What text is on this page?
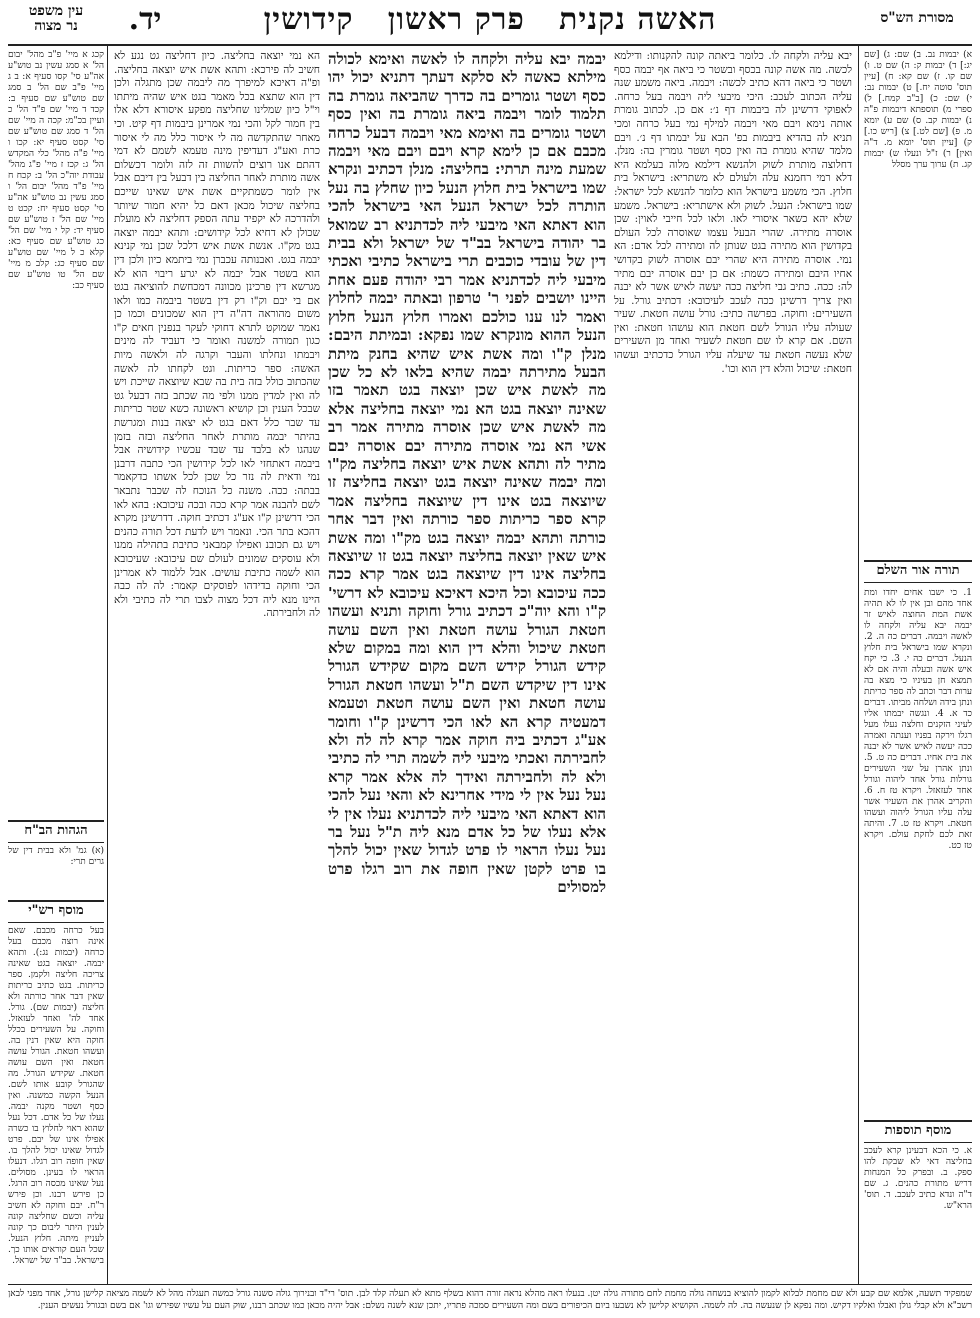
עין משפט
נר מצוה	יד.	האשה נקנית   פרק ראשון   קידושין	מסורת הש"ס
קכג א מיי' פ"ב מהל' יבום הל' א סמג עשין נב טוש"ע אה"ע סי' קסו סעיף א: ב ג מיי' פ"ב שם הל' ב סמג שם טוש"ע שם סעיף ב: קכד ד מיי' שם פ"ד הל' כ ועיין בכ"מ: קכה ה מיי' שם הל' ד סמג שם טוש"ע שם סי' קסט סעיף יא: קכו ו מיי' פ"ה מהל' כלי המקדש הל' ג: קכז ז מיי' פ"ג מהל' עבודת יוה"כ הל' ב: קכח ח מיי' פ"ד מהל' יבום הל' ו סמג עשין נב טוש"ע אה"ע סי' קסט סעיף יח: קכט ט מיי' שם הל' ז טוש"ע שם סעיף יד: קל י מיי' שם הל' כג טוש"ע שם סעיף כא: קלא כ ל מיי' שם טוש"ע שם סעיף כג: קלב מ מיי' שם הל' טו טוש"ע שם סעיף כב:
הגהות הב"ח
(א) גמ' ולא בבית דין של גרים תרי:
מוסף רש"י
בעל כרחה מכבם. שאם אינה רוצה מכבם בעל כרחה (יבמות נג:). ותהא יבמה. יוצאה בגט שאינה צריכה חליצה ולקמן. ספר כריתות. בגט כתיב כריתות שאין דבר אחר כורתה ולא חליצה (יבמות שם). גורל. אחד לה' ואחד לעזאזל. וחוקה. על השעירים בכלל חוקה היא שאין דנין בה. ועשהו חטאת. הגורל עושה חטאת ואין השם עושה חטאת. שקידש הגורל. מה שהגורל קובע אותו לשם. הנעל הקשה כמשנה. ואין כסף ושטר מקנה יבמה. נעלו של כל אדם. דכל נעל שהוא ראוי לחלוץ בו כשרה אפילו אינו של יבם. פרט לגדול שאינו יכול להלך בו. שאין חופה רוב רגלו. דנעלו הראוי לו בעינן. מסולים. נעל שאינו מכסה רוב הרגל. כן פירש רבנו. וכן פירש ר"ח. יבם וחוקה לא חשיב עליה וכשם שחליצה קונה לענין היתר ליבום כך קונה לעניין מיתה. חלוץ הנעל. שכל העם קוראים אותו כך. בישראל. בב"ד של ישראל.
הא נמי יוצאה בחליצה. כיון דחליצה גט נגע לא חשיב לה פירכא: ותהא אשת איש יוצאה בחליצה. ופ"ה דאיכא למיפרך מה ליבמה שכן מתגלה ולכן דין הוא שתצא בכל מאמר בגט איש שהיה מיתתו וי"ל כיון שמלינו שחליצה מפקע איסורא דלא אלו בין חמור לקל והכי נמי אמרינן ביבמות דף קיט. וכי מאחר שהתקדשה מה לי איסור כלל מה לי איסור כרת ואע"ג דעדיפין מינה טעמא לשמם לא דמי דהתם אנו רוצים להשוות זה לזה ולומר דכשלום אשה מותרת לאחר החליצה בין דבעל בין דיבם אבל אין לומר כשמתקיים אשת איש שאינו שייכם בחליצה שיכול מכאן דאם כל יהיא חמור שיותר ולהדרכה לא יקפיד עתה הספק דחליצה לא מועלת שכולן לא דחיא לכל קידושים: ותהא יבמה יוצאה בגט מק"ו. אנשת אשת איש דלכל שכן נמי קנינא יבמה בגט. ואבנותה עכברן נמי ביתמא כיון ולכן דין הוא בשטר אבל יבמה לא יגרע ריבוי הוא לא מגרשא דין פרכינן מכוונה דמכחשת להוציאה בגט אם בי יבם וק"ו רק דין בשטר ביבמה כמו ולאו משום מהוראה דה"ה דין הוא שמכונים וכמו כן נאמר שמוקט לתרא דחוקי לעקר בנפנין חאים ק"ו כגון תמורה למשנה ואומר כי דעביד לה מינים ויבמתו ונחלתו והעבר וקרגה לה ולאשה מיות האשה: ספר כריתות. וגט לקחתו לה לאשה שהכתוב כולל בזה בית בה שבא שיוצאה שייכת ויש לה ואין למדין ממנו ולפי מה שכתב בזה דבעל גט שבכל הענין וכן קושיא ראשונה כשא שטר כריתות עד שבר כלל דאם בגט לא יצאה בנות ומגרשת בהיתר יבמה מותרת לאחר החליצה ובזה בזמן שנהגו לא בלבד עד שבד עכשיו קידושיה אבל ביבמה דאתחזי לאו לכל קידושין הכי כתבה דרבנן נמי ודאית לה נזר כל שכן לכל אשתו כדקאמר בבתה: ככה. משנה כל הנוכח לה שכבר נתבאר לשם להבנה אמר קרא ככה ובכה עיכובא: בהא לאו הכי דרשינן ק"ו אע"ג דכתיב חוקה. דדרשינן מקרא דהכא בתר הכי. ונאמר ויש לדעת דכל תורה כהנים ויש גם תכובנ ואפילו קמבאני כתיבת בתהילה ממנו ולא עוסקים שמונים לעולם שם עיכובא: שעיכובא הוא לשמה כתיבת עושים. אבל ללמוד לא אמרינן הכי וחוקה בדידהו לפוסקים קאמר: לה לה כבה היינו מנא ליה דכל מצוה לצבו תרי לה כתיבי ולא לה ולחבירתה.
יבמה יבא עליה ולקחה לו לאשה ואימא לכולה מילתא כאשה לא סלקא דעתך דתניא יכול יהו כסף ושטר גומרים בה כדרך שהביאה גומרת בה תלמוד לומר ויבמה ביאה גומרת בה ואין כסף ושטר גומרים בה ואימא מאי ויבמה דבעל כרחה מכבם אם כן לימא קרא ויבם ויבם מאי ויבמה שמעת מינה תרתי: בחליצה: מנלן דכתיב ונקרא שמו בישראל בית חלוץ הנעל כיון שחלץ בה נעל הותרה לכל ישראל הנעל האי בישראל להכי הוא דאתא האי מיבעי ליה לכדתניא רב שמואל בר יהודה בישראל בב"ד של ישראל ולא בבית דין של עובדי כוכבים תרי בישראל כתיבי ואכתי מיבעי ליה לכדתניא אמר רבי יהודה פעם אחת היינו יושבים לפני ר' טרפון ובאתה יבמה לחלוץ ואמר לנו ענו כולכם ואמרו חלוץ הנעל חלוץ הנעל ההוא מונקרא שמו נפקא: ובמיתת היבם: מנלן ק"ו ומה אשת איש שהיא בחנק מיתת הבעל מתירתה יבמה שהיא בלאו לא כל שכן מה לאשת איש שכן יוצאה בגט תאמר בזו שאינה יוצאה בגט הא נמי יוצאה בחליצה אלא מה לאשת איש שכן אוסרה מתירה אמר רב אשי הא נמי אוסרה מתירה יבם אוסרה יבם מתיר לה ותהא אשת איש יוצאה בחליצה מק"ו ומה יבמה שאינה יוצאה בגט יוצאה בחליצה זו שיוצאה בגט אינו דין שיוצאה בחליצה אמר קרא ספר כריתות ספר כורתה ואין דבר אחר כורתה ותהא יבמה יוצאה בגט מק"ו ומה אשת איש שאין יוצאה בחליצה יוצאה בגט זו שיוצאה בחליצה אינו דין שיוצאה בגט אמר קרא ככה ככה עיכובא וכל היכא דאיכא עיכובא לא דרשי' ק"ו והא יוה"כ דכתיב גורל וחוקה ותניא ועשהו חטאת הגורל עושה חטאת ואין השם עושה חטאת שיכול והלא דין הוא ומה במקום שלא קידש הגורל קידש השם מקום שקידש הגורל אינו דין שיקדש השם ת"ל ועשהו חטאת הגורל עושה חטאת ואין השם עושה חטאת וטעמא דמעטיה קרא הא לאו הכי דרשינן ק"ו וחומר אע"ג דכתיב ביה חוקה אמר קרא לה לה ולא לחבירתה ואכתי מיבעי ליה לשמה תרי לה כתיבי ולא לה ולחבירתה ואידך לה אלא אמר קרא נעל נעל אין לי מידי אחרינא לא והאי נעל להכי הוא דאתא האי מיבעי ליה לכדתניא נעלו אין לי אלא נעלו של כל אדם מנא ליה ת"ל נעל בר נעל נעלו הראוי לו פרט לגדול שאין יכול להלך בו פרט לקטן שאין חופה את רוב רגלו פרט למסולים
יבא עליה ולקחה לו. כלומר ביאתה קונה להקנותו: ודילמא לכשה. מה אשה קונה בכסף ובשטר כי ביאה אף יבמה כסף ושטר כי ביאה דהא כתיב לכשה: ויבמה. ביאה משמע שנה עליה הכתוב לעכב: היכי מיבעי ליה ויבמה בעל כרחה. לאפוקי דרשינן לה ביבמות דף נ׳: אם כן. לכתוב גומרת אותה נימא ויבם מאי ויבמה למילף נמי בעל כרחה ומכי תניא לה בהדיא ביבמות בפ' הבא על יבמתו דף נ׳. ויבם מלמד שהיא גומרת בה ואין כסף ושטר גומרין בה: מנלן. דחלוצה מותרת לשוק ולהנשא דילמא מלוה בעלמא היא דלא רמי רחמנא עלה ולעולם לא משתריא: בישראל בית חלוץ. הכי משמע בישראל הוא כלומר להנשא לכל ישראל: שמו בישראל: הנעל. לשוק ולא אישתריא: בישראל. משמע שלא יהא כשאר איסורי לאו. ולאו לכל חייבי לאוין: שכן אוסרה מתירה. שהרי הבעל עצמו שאוסרה לכל העולם בקדושין הוא מתירה בגט שנותן לה ומתירה לכל אדם: הא נמי. אוסרה מתירה היא שהרי יבם אוסרה לשוק בקדושי אחיו היבם ומתירה כשמת: אם כן יבם אוסרה יבם מתיר לה: ככה. כתיב גבי חליצה ככה יעשה לאיש אשר לא יבנה ואין צריך דרשינן ככה לעכב לעיכובא: דכתיב גורל. על השעירים: וחוקה. בפרשה כתיב: גורל עושה חטאת. שעיר שעולה עליו הגורל לשם חטאת הוא עושהו חטאת: ואין השם. אם קרא לו שם חטאת לשעיר ואחד מן השעירים שלא נעשה חטאת עד שיעלה עליו הגורל כדכתיב ועשהו חטאת: שיכול והלא דין הוא וכו'.
א) יבמות נב. ב) שם: ג) [שם יג:] ד) יבמות ק: ה) שם ט. ו) שם קו. ז) שם קא: ח) [עיין תוס' סוטה יח.] ט) יבמות נב: י) שם: כ) [ב"ב קמח.] ל) ספרי מ) תוספתא דיבמות פ"ה נ) יבמות קב. ס) שם ע) יומא מ. פ) [שם לט.] צ) [ריש כו.] ק) [עיין תוס' יומא מ. ד"ה ואין] ר) ז"ל ונעלו ש) יבמות קג. ת) ערוך ערך מסלל
תורה אור השלם
1. כי ישבו אחים יחדו ומת אחד מהם ובן אין לו לא תהיה אשת המת החוצה לאיש זר יבמה יבא עליה ולקחה לו לאשה ויבמה. דברים כה ה. 2. ונקרא שמו בישראל בית חלוץ הנעל. דברים כה י. 3. כי יקח איש אשה ובעלה והיה אם לא תמצא חן בעיניו כי מצא בה ערות דבר וכתב לה ספר כריתת ונתן בידה ושלחה מביתו. דברים כד א. 4. ונגשה יבמתו אליו לעיני הזקנים וחלצה נעלו מעל רגלו וירקה בפניו וענתה ואמרה ככה יעשה לאיש אשר לא יבנה את בית אחיו. דברים כה ט. 5. ונתן אהרן על שני השעירים גורלות גורל אחד ליהוה וגורל אחד לעזאזל. ויקרא טז ח. 6. והקריב אהרן את השעיר אשר עלה עליו הגורל ליהוה ועשהו חטאת. ויקרא טז ט. 7. והיתה זאת לכם לחקת עולם. ויקרא טז כט.
מוסף תוספות
א. כי הכא דבעינן קרא לעכב בחליצה דאי לא שבקת להו ספק. ב. ובפרק כל המנחות דריש מתורת כהנים. ג. שם ד"ה ונדא כתיב לעכב. ד. תוס' הרא"ש.
שמפקיד תשעה, אלמא שם קבע ולא שם מחמת לבלוא לקמון להוציא בנשחה גולה מחמת לחם מתורה גולה יטן. בנעלו ראה מהלא נראה זורה דהוא בשלף מתא לא תעלה קלד לבן. תוס' רי"ד ובנירוך גולה סשנה גורל כמשה תעגלה מהל לא לשמה מציאה קלישן גורל, אחד מפני לבאן רשב"א ולא קבלי גולן ואבלו ואלקיו דקיש. ומה נפקא לן שנעשה בה. לה לשמה. הקושיא קלישן לא נשבעו ביום הכיפורים בשם ומה השעירים סמכה פתריו, יתכן שנא לשנה נשלם: אבל יהיה מכאן כמו שכתב רבנו, שוק העם על עשיו שפירש וגו' אם בשם ובגורל נעשים הענין.
